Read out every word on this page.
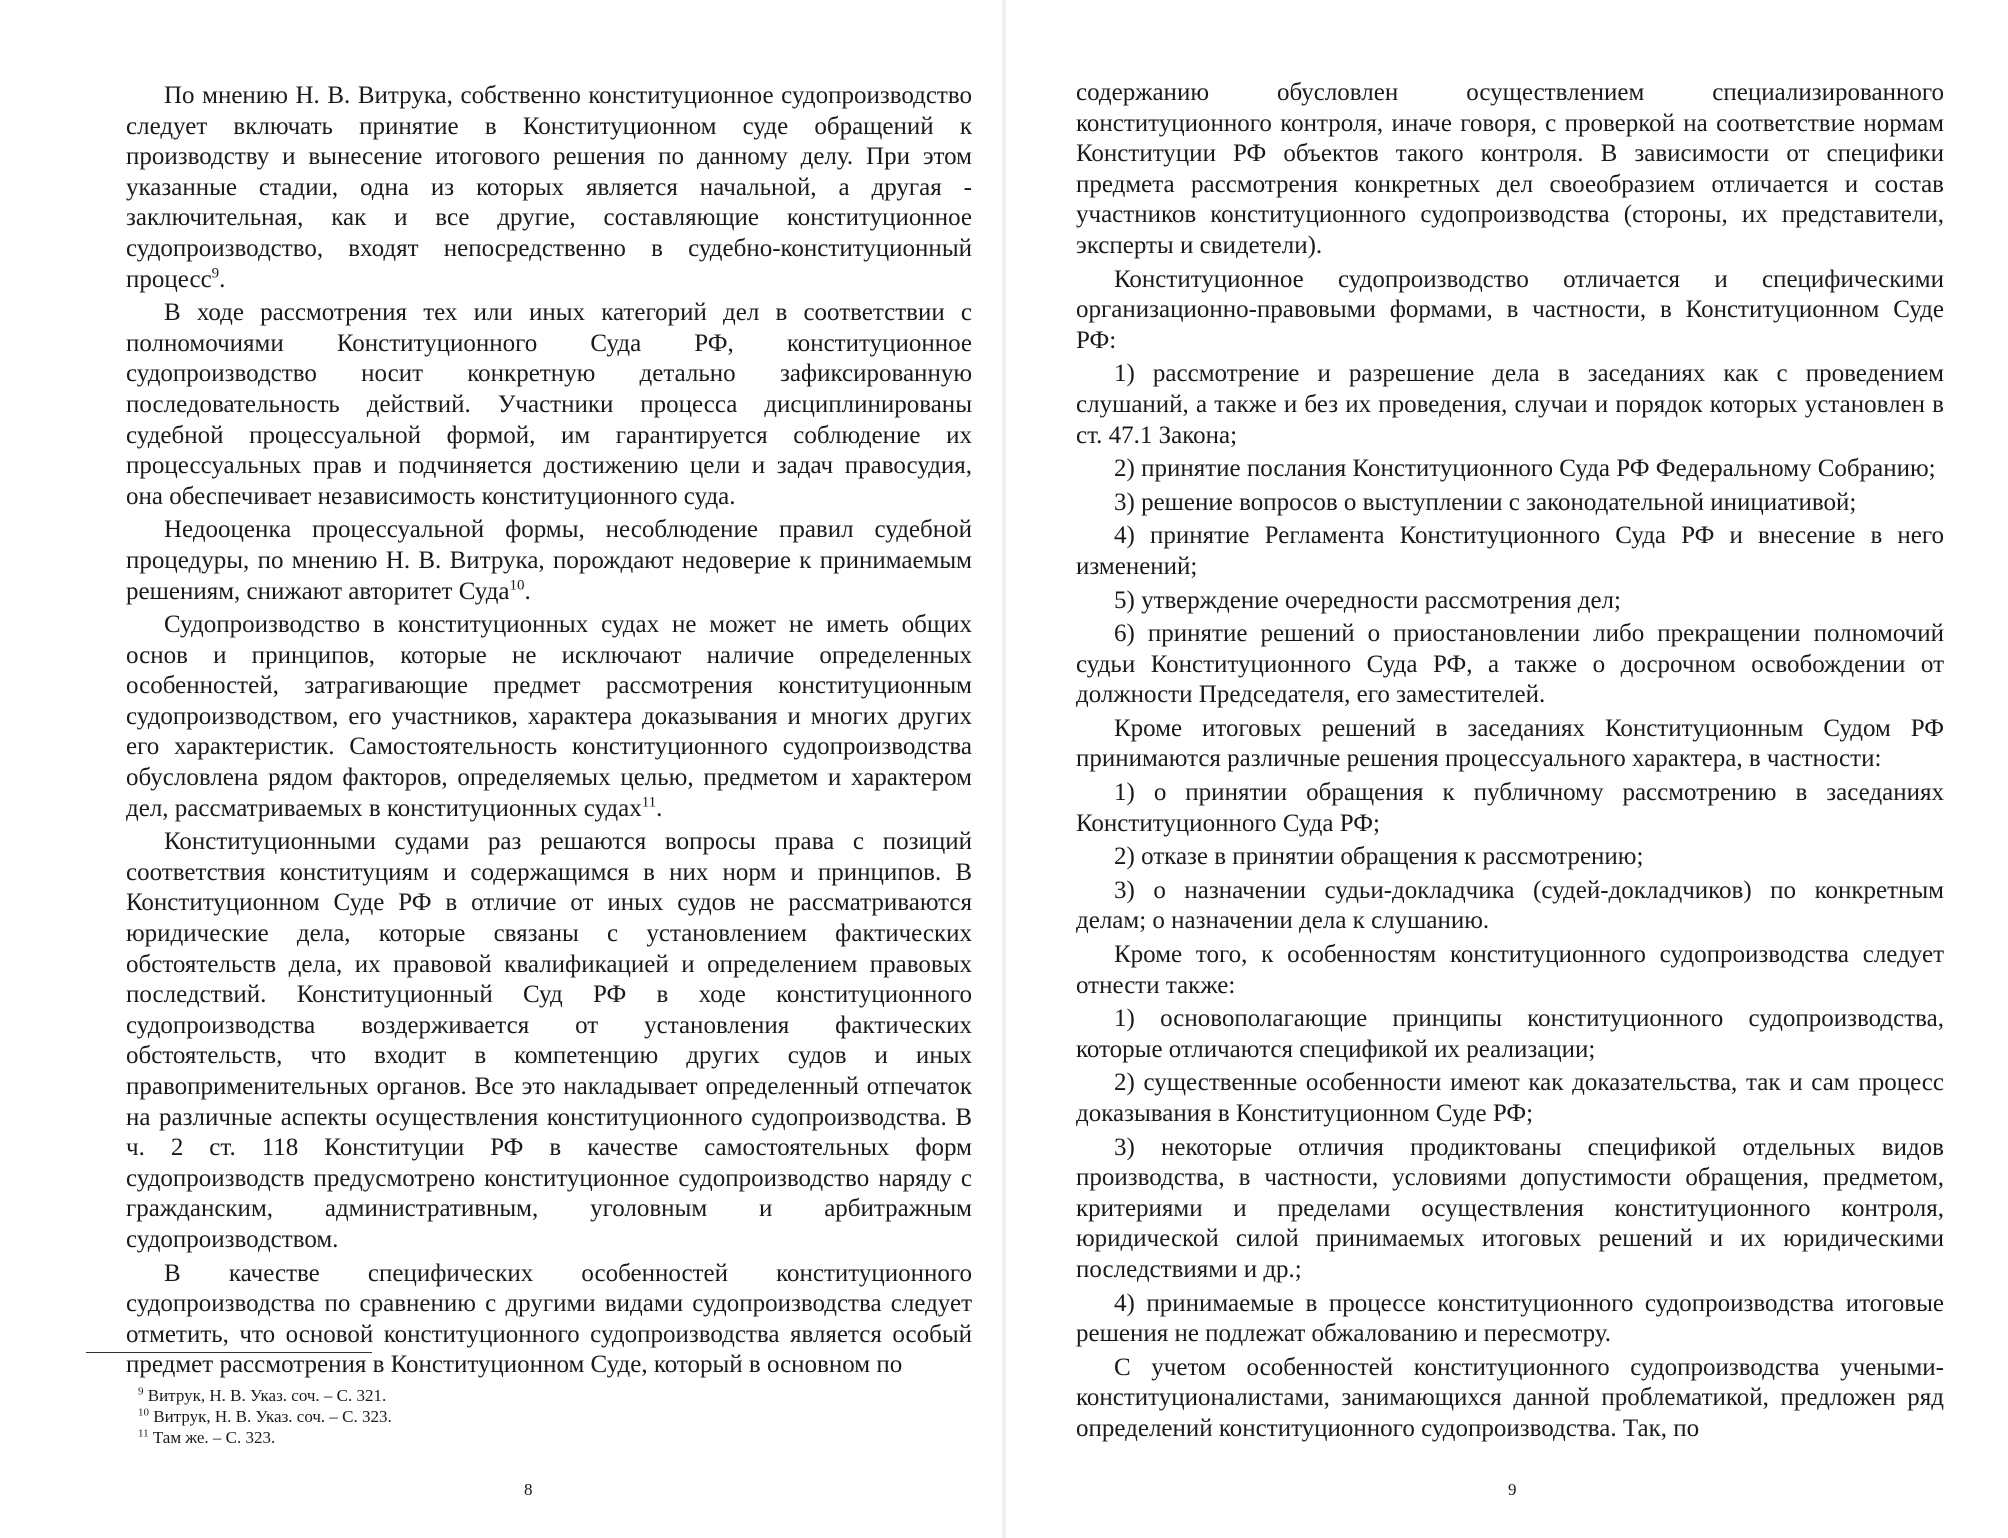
По мнению Н. В. Витрука, собственно конституционное судопроизводство следует включать принятие в Конституционном суде обращений к производству и вынесение итогового решения по данному делу. При этом указанные стадии, одна из которых является начальной, а другая - заключительная, как и все другие, составляющие конституционное судопроизводство, входят непосредственно в судебно-конституционный процесс$^9$.

В ходе рассмотрения тех или иных категорий дел в соответствии с полномочиями Конституционного Суда РФ, конституционное судопроизводство носит конкретную детально зафиксированную последовательность действий. Участники процесса дисциплинированы судебной процессуальной формой, им гарантируется соблюдение их процессуальных прав и подчиняется достижению цели и задач правосудия, она обеспечивает независимость конституционного суда.

Недооценка процессуальной формы, несоблюдение правил судебной процедуры, по мнению Н. В. Витрука, порождают недоверие к принимаемым решениям, снижают авторитет Суда$^{10}$.

Судопроизводство в конституционных судах не может не иметь общих основ и принципов, которые не исключают наличие определенных особенностей, затрагивающие предмет рассмотрения конституционным судопроизводством, его участников, характера доказывания и многих других его характеристик. Самостоятельность конституционного судопроизводства обусловлена рядом факторов, определяемых целью, предметом и характером дел, рассматриваемых в конституционных судах$^{11}$.

Конституционными судами раз решаются вопросы права с позиций соответствия конституциям и содержащимся в них норм и принципов. В Конституционном Суде РФ в отличие от иных судов не рассматриваются юридические дела, которые связаны с установлением фактических обстоятельств дела, их правовой квалификацией и определением правовых последствий. Конституционный Суд РФ в ходе конституционного судопроизводства воздерживается от установления фактических обстоятельств, что входит в компетенцию других судов и иных правоприменительных органов. Все это накладывает определенный отпечаток на различные аспекты осуществления конституционного судопроизводства. В ч. 2 ст. 118 Конституции РФ в качестве самостоятельных форм судопроизводств предусмотрено конституционное судопроизводство наряду с гражданским, административным, уголовным и арбитражным судопроизводством.

В качестве специфических особенностей конституционного судопроизводства по сравнению с другими видами судопроизводства следует отметить, что основой конституционного судопроизводства является особый предмет рассмотрения в Конституционном Суде, который в основном по

$^9$ Витрук, Н. В. Указ. соч. – С. 321.

$^{10}$ Витрук, Н. В. Указ. соч. – С. 323.

$^{11}$ Там же. – С. 323.

8

содержанию обусловлен осуществлением специализированного конституционного контроля, иначе говоря, с проверкой на соответствие нормам Конституции РФ объектов такого контроля. В зависимости от специфики предмета рассмотрения конкретных дел своеобразием отличается и состав участников конституционного судопроизводства (стороны, их представители, эксперты и свидетели).

Конституционное судопроизводство отличается и специфическими организационно-правовыми формами, в частности, в Конституционном Суде РФ:

1) рассмотрение и разрешение дела в заседаниях как с проведением слушаний, а также и без их проведения, случаи и порядок которых установлен в ст. 47.1 Закона;

2) принятие послания Конституционного Суда РФ Федеральному Собранию;

3) решение вопросов о выступлении с законодательной инициативой;

4) принятие Регламента Конституционного Суда РФ и внесение в него изменений;

5) утверждение очередности рассмотрения дел;

6) принятие решений о приостановлении либо прекращении полномочий судьи Конституционного Суда РФ, а также о досрочном освобождении от должности Председателя, его заместителей.

Кроме итоговых решений в заседаниях Конституционным Судом РФ принимаются различные решения процессуального характера, в частности:

1) о принятии обращения к публичному рассмотрению в заседаниях Конституционного Суда РФ;

2) отказе в принятии обращения к рассмотрению;

3) о назначении судьи-докладчика (судей-докладчиков) по конкретным делам; о назначении дела к слушанию.

Кроме того, к особенностям конституционного судопроизводства следует отнести также:

1) основополагающие принципы конституционного судопроизводства, которые отличаются спецификой их реализации;

2) существенные особенности имеют как доказательства, так и сам процесс доказывания в Конституционном Суде РФ;

3) некоторые отличия продиктованы спецификой отдельных видов производства, в частности, условиями допустимости обращения, предметом, критериями и пределами осуществления конституционного контроля, юридической силой принимаемых итоговых решений и их юридическими последствиями и др.;

4) принимаемые в процессе конституционного судопроизводства итоговые решения не подлежат обжалованию и пересмотру.

С учетом особенностей конституционного судопроизводства учеными-конституционалистами, занимающихся данной проблематикой, предложен ряд определений конституционного судопроизводства. Так, по

9
